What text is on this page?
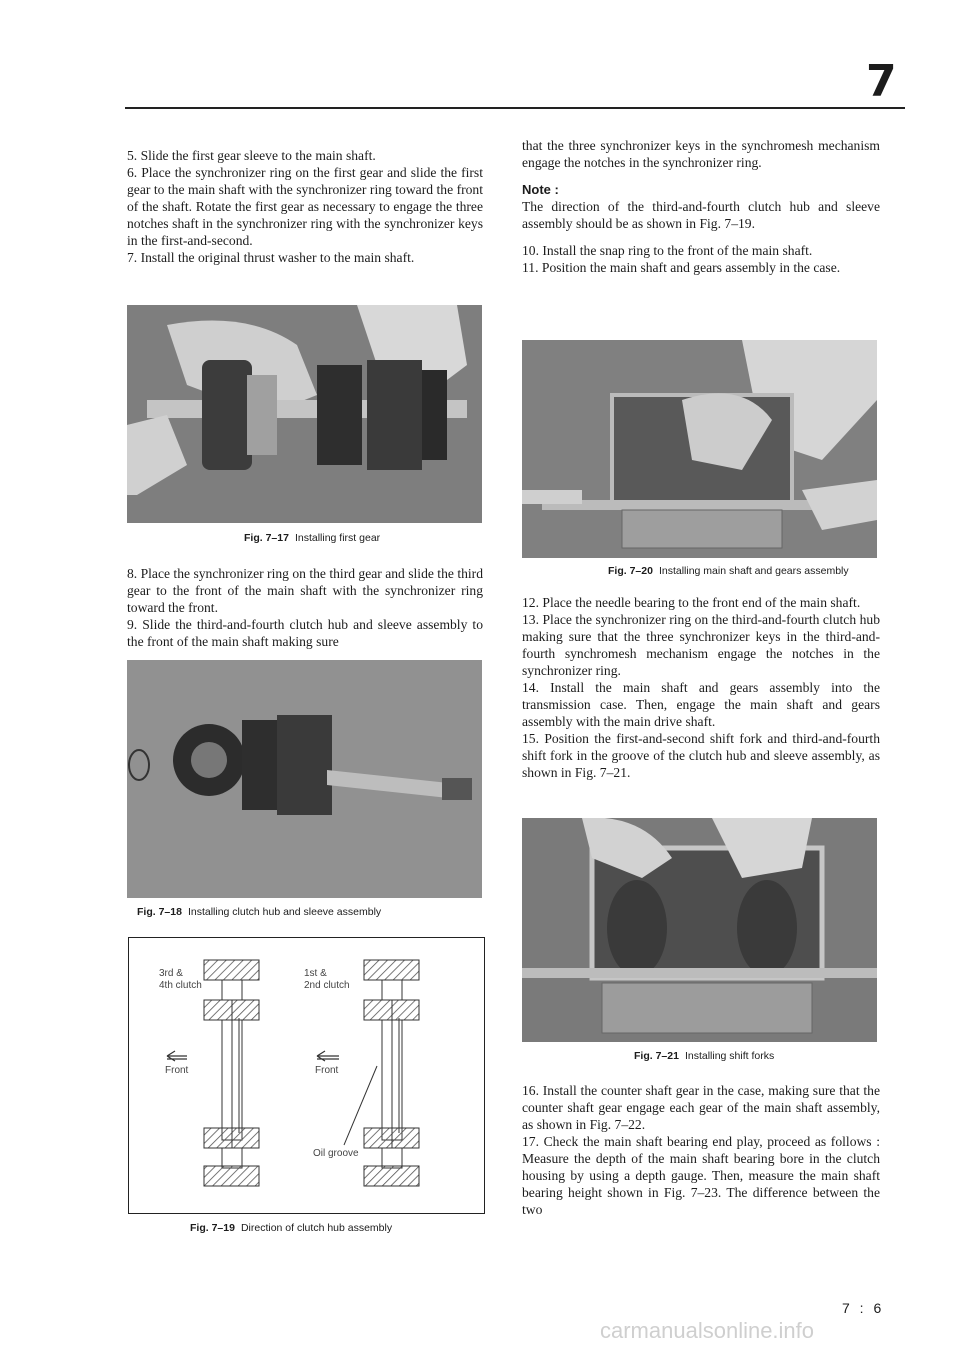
7

5. Slide the first gear sleeve to the main shaft.

6. Place the synchronizer ring on the first gear and slide the first gear to the main shaft with the synchronizer ring toward the front of the shaft. Rotate the first gear as necessary to engage the three notches shaft in the synchronizer ring with the synchronizer keys in the first-and-second.

7. Install the original thrust washer to the main shaft.

Fig. 7–17 Installing first gear

8. Place the synchronizer ring on the third gear and slide the third gear to the front of the main shaft with the synchronizer ring toward the front.

9. Slide the third-and-fourth clutch hub and sleeve assembly to the front of the main shaft making sure

Fig. 7–18 Installing clutch hub and sleeve assembly
3rd &
4th clutch
1st &
2nd clutch
Front	Front
Oil groove
Fig. 7–19 Direction of clutch hub assembly

that the three synchronizer keys in the synchromesh mechanism engage the notches in the synchronizer ring.

Note :

The direction of the third-and-fourth clutch hub and sleeve assembly should be as shown in Fig. 7–19.

10. Install the snap ring to the front of the main shaft.

11. Position the main shaft and gears assembly in the case.

Fig. 7–20 Installing main shaft and gears assembly

12. Place the needle bearing to the front end of the main shaft.

13. Place the synchronizer ring on the third-and-fourth clutch hub making sure that the three synchronizer keys in the third-and-fourth synchromesh mechanism engage the notches in the synchronizer ring.

14. Install the main shaft and gears assembly into the transmission case. Then, engage the main shaft and gears assembly with the main drive shaft.

15. Position the first-and-second shift fork and third-and-fourth shift fork in the groove of the clutch hub and sleeve assembly, as shown in Fig. 7–21.

Fig. 7–21 Installing shift forks

16. Install the counter shaft gear in the case, making sure that the counter shaft gear engage each gear of the main shaft assembly, as shown in Fig. 7–22.

17. Check the main shaft bearing end play, proceed as follows : Measure the depth of the main shaft bearing bore in the clutch housing by using a depth gauge. Then, measure the main shaft bearing height shown in Fig. 7–23. The difference between the two

7 : 6
carmanualsonline.info
